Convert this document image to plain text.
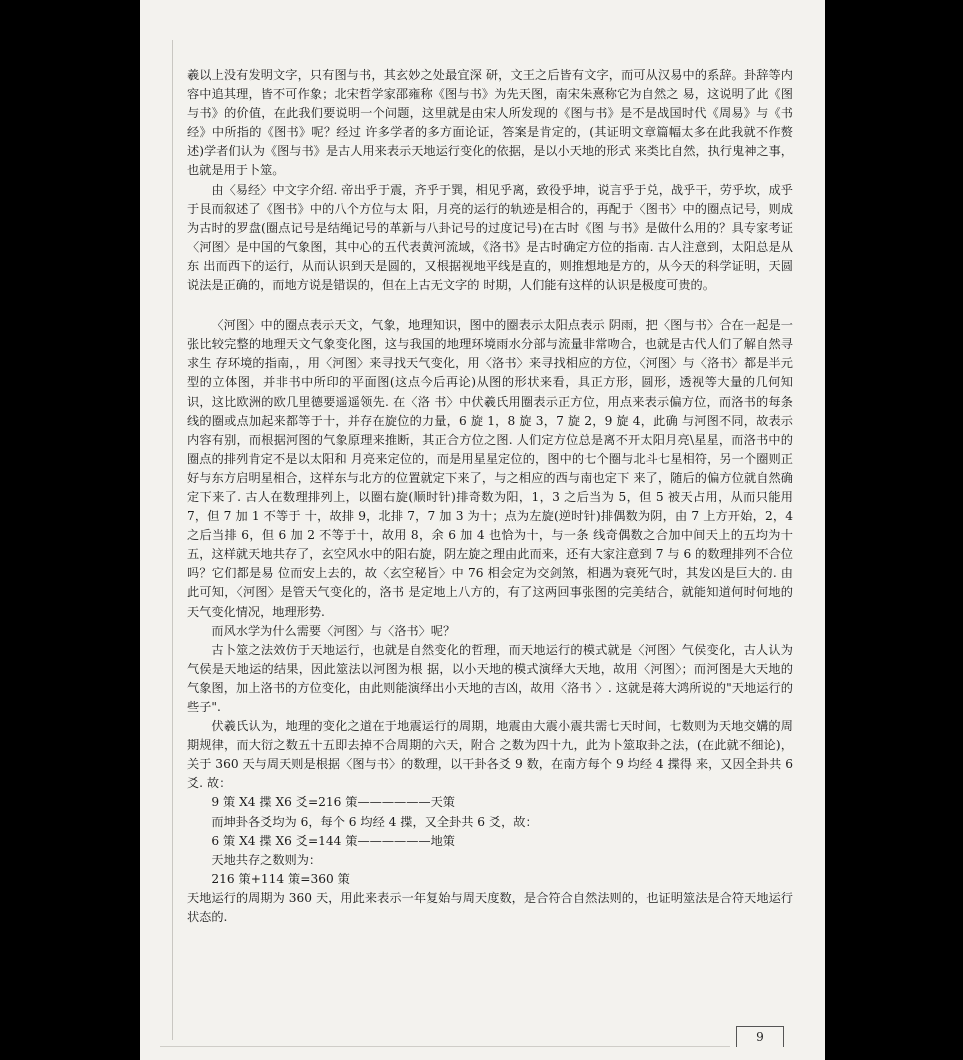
羲以上没有发明文字，只有图与书，其玄妙之处最宜深 研，文王之后皆有文字，而可从汉易中的系辞。卦辞等内容中追其理，皆不可作象；北宋哲学家邵雍称《图与书》为先天图，南宋朱熹称它为自然之 易，这说明了此《图与书》的价值，在此我们要说明一个问题，这里就是由宋人所发现的《图与书》是不是战国时代《周易》与《书经》中所指的《图书》呢？经过 许多学者的多方面论证，答案是肯定的，(其证明文章篇幅太多在此我就不作赘述)学者们认为《图与书》是古人用来表示天地运行变化的依据，是以小天地的形式 来类比自然，执行鬼神之事，也就是用于卜筮。

由〈易经〉中文字介绍. 帝出乎于震，齐乎于巽，相见乎离，致役乎坤，说言乎于兑，战乎干，劳乎坎，成乎于艮而叙述了《图书》中的八个方位与太 阳，月亮的运行的轨迹是相合的，再配于〈图书〉中的圈点记号，则成为古时的罗盘(圈点记号是结绳记号的革新与八卦记号的过度记号)在古时《图 与书》是做什么用的？具专家考证〈河图〉是中国的气象图，其中心的五代表黄河流域，《洛书》是古时确定方位的指南. 古人注意到，太阳总是从东 出而西下的运行，从而认识到天是圆的，又根据视地平线是直的，则推想地是方的，从今天的科学证明，天圆说法是正确的，而地方说是错误的，但在上古无文字的 时期，人们能有这样的认识是极度可贵的。

〈河图〉中的圈点表示天文，气象，地理知识，图中的圈表示太阳点表示 阴雨，把〈图与书〉合在一起是一张比较完整的地理天文气象变化图，这与我国的地理环境雨水分部与流量非常吻合，也就是古代人们了解自然寻求生 存环境的指南，，用〈河图〉来寻找天气变化，用〈洛书〉来寻找相应的方位，〈河图〉与〈洛书〉都是半元 型的立体图，并非书中所印的平面图(这点今后再论)从图的形状来看，具正方形，圆形，透视等大量的几何知识，这比欧洲的欧几里德要遥遥领先. 在〈洛 书〉中伏羲氏用圈表示正方位，用点来表示偏方位，而洛书的每条线的圈或点加起来都等于十，并存在旋位的力量，6 旋 1，8 旋 3，7 旋 2，9 旋 4，此确 与河图不同，故表示内容有别，而根据河图的气象原理来推断，其正合方位之图. 人们定方位总是离不开太阳月亮\星星，而洛书中的圈点的排列肯定不是以太阳和 月亮来定位的，而是用星星定位的，图中的七个圈与北斗七星相符，另一个圈则正好与东方启明星相合，这样东与北方的位置就定下来了，与之相应的西与南也定下 来了，随后的偏方位就自然确定下来了. 古人在数理排列上，以圈右旋(顺时针)排奇数为阳，1，3 之后当为 5，但 5 被天占用，从而只能用 7，但 7 加 1 不等于 十，故排 9，北排 7，7 加 3 为十；点为左旋(逆时针)排偶数为阴，由 7 上方开始，2，4 之后当排 6，但 6 加 2 不等于十，故用 8，余 6 加 4 也恰为十，与一条 线奇偶数之合加中间天上的五均为十五，这样就天地共存了，玄空风水中的阳右旋，阴左旋之理由此而来，还有大家注意到 7 与 6 的数理排列不合位吗？它们都是易 位而安上去的，故〈玄空秘旨〉中 76 相会定为交剑煞，相遇为衰死气时，其发凶是巨大的. 由此可知，〈河图〉是管天气变化的，洛书 是定地上八方的，有了这两回事张图的完美结合，就能知道何时何地的天气变化情况，地理形势.

而风水学为什么需要〈河图〉与〈洛书〉呢？

古卜筮之法效仿于天地运行，也就是自然变化的哲理，而天地运行的模式就是〈河图〉气侯变化，古人认为气侯是天地运的结果，因此筮法以河图为根 据，以小天地的模式演绎大天地，故用〈河图〉；而河图是大天地的气象图，加上洛书的方位变化，由此则能演绎出小天地的吉凶，故用〈洛书 〉. 这就是蒋大鸿所说的"天地运行的些子".

伏羲氏认为，地理的变化之道在于地震运行的周期，地震由大震小震共需七天时间，七数则为天地交媾的周期规律，而大衍之数五十五即去掉不合周期的六天，附合 之数为四十九，此为卜筮取卦之法，(在此就不细论)，关于 360 天与周天则是根据〈图与书〉的数理，以干卦各爻 9 数，在南方每个 9 均经 4 揲得 来，又因全卦共 6 爻. 故：

9 策 X4 揲 X6 爻=216 策——————天策

而坤卦各爻均为 6，每个 6 均经 4 揲，又全卦共 6 爻，故：

6 策 X4 揲 X6 爻=144 策——————地策

天地共存之数则为：

216 策+114 策=360 策

天地运行的周期为 360 天，用此来表示一年复始与周天度数，是合符合自然法则的，也证明筮法是合符天地运行状态的.

9
